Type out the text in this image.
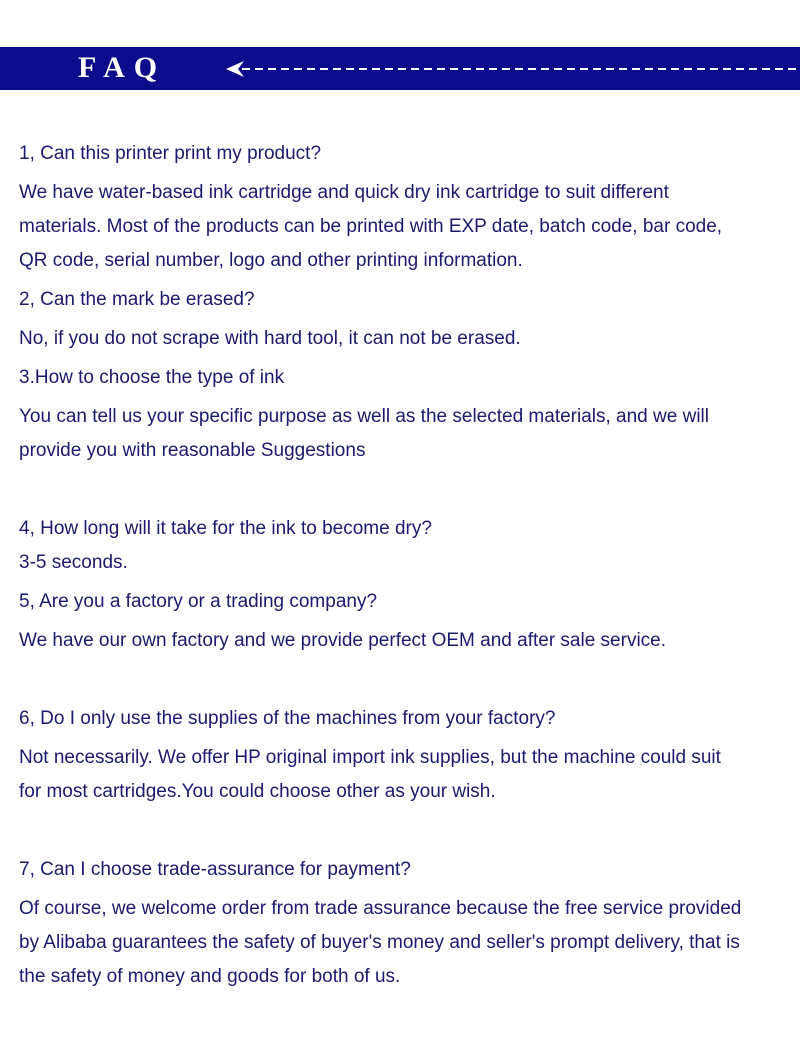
FAQ
1, Can this printer print my product?
We have water-based ink cartridge and quick dry ink cartridge to suit different
materials. Most of the products can be printed with EXP date, batch code, bar code,
QR code, serial number, logo and other printing information.
2, Can the mark be erased?
No, if you do not scrape with hard tool, it can not be erased.
3.How to choose the type of ink
You can tell us your specific purpose as well as the selected materials, and we will
provide you with reasonable Suggestions
4, How long will it take for the ink to become dry?
3-5 seconds.
5, Are you a factory or a trading company?
We have our own factory and we provide perfect OEM and after sale service.
6, Do I only use the supplies of the machines from your factory?
Not necessarily. We offer HP original import ink supplies, but the machine could suit
for most cartridges.You could choose other as your wish.
7, Can I choose trade-assurance for payment?
Of course, we welcome order from trade assurance because the free service provided
by Alibaba guarantees the safety of buyer's money and seller's prompt delivery, that is
the safety of money and goods for both of us.
